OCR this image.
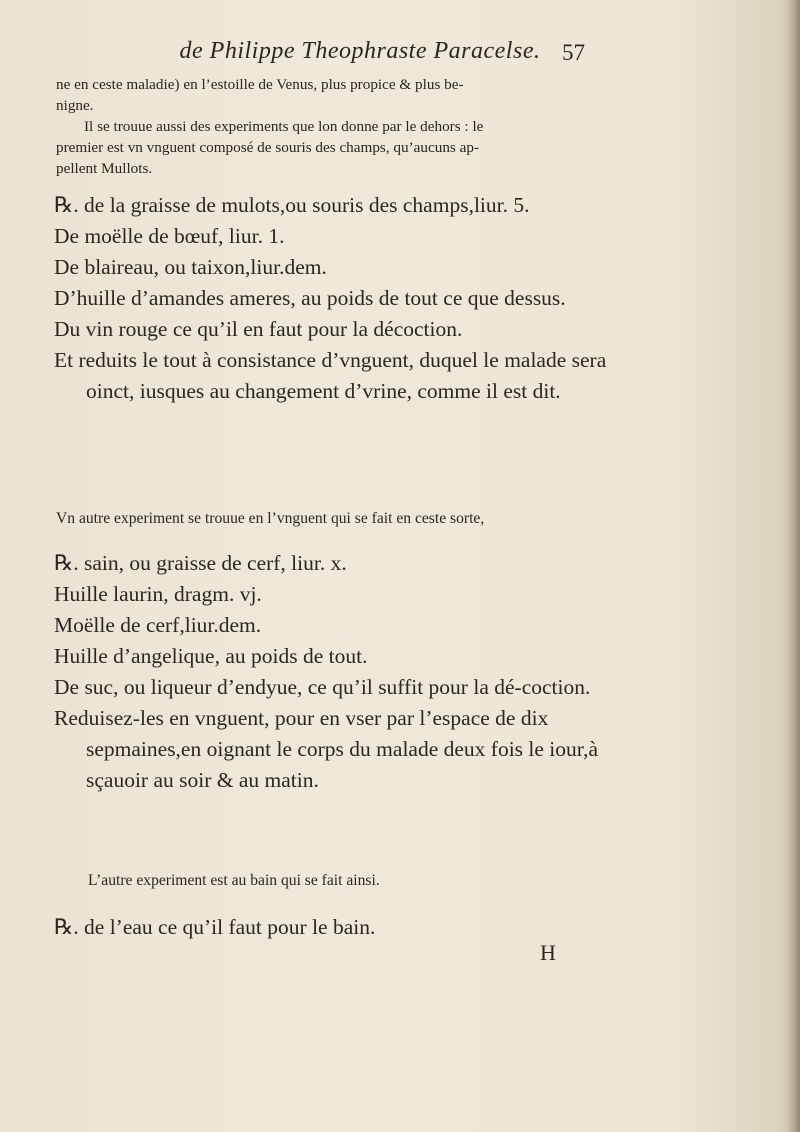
de Philippe Theophraste Paracelse. 57

ne en ceste maladie) en l’estoille de Venus, plus propice & plus be-

nigne.

Il se trouue aussi des experiments que lon donne par le dehors : le

premier est vn vnguent composé de souris des champs, qu’aucuns ap-

pellent Mullots.

℞. de la graisse de mulots,ou souris des champs,liur. 5.

De moëlle de bœuf, liur. 1.

De blaireau, ou taixon,liur.dem.

D’huille d’amandes ameres, au poids de tout ce que dessus.

Du vin rouge ce qu’il en faut pour la décoction.

Et reduits le tout à consistance d’vnguent, duquel le malade sera oinct, iusques au changement d’vrine, comme il est dit.

Vn autre experiment se trouue en l’vnguent qui se fait en ceste sorte,

℞. sain, ou graisse de cerf, liur. x.

Huille laurin, dragm. vj.

Moëlle de cerf,liur.dem.

Huille d’angelique, au poids de tout.

De suc, ou liqueur d’endyue, ce qu’il suffit pour la dé-coction.

Reduisez-les en vnguent, pour en vser par l’espace de dix sepmaines,en oignant le corps du malade deux fois le iour,à sçauoir au soir & au matin.

L’autre experiment est au bain qui se fait ainsi.

℞. de l’eau ce qu’il faut pour le bain.

H
